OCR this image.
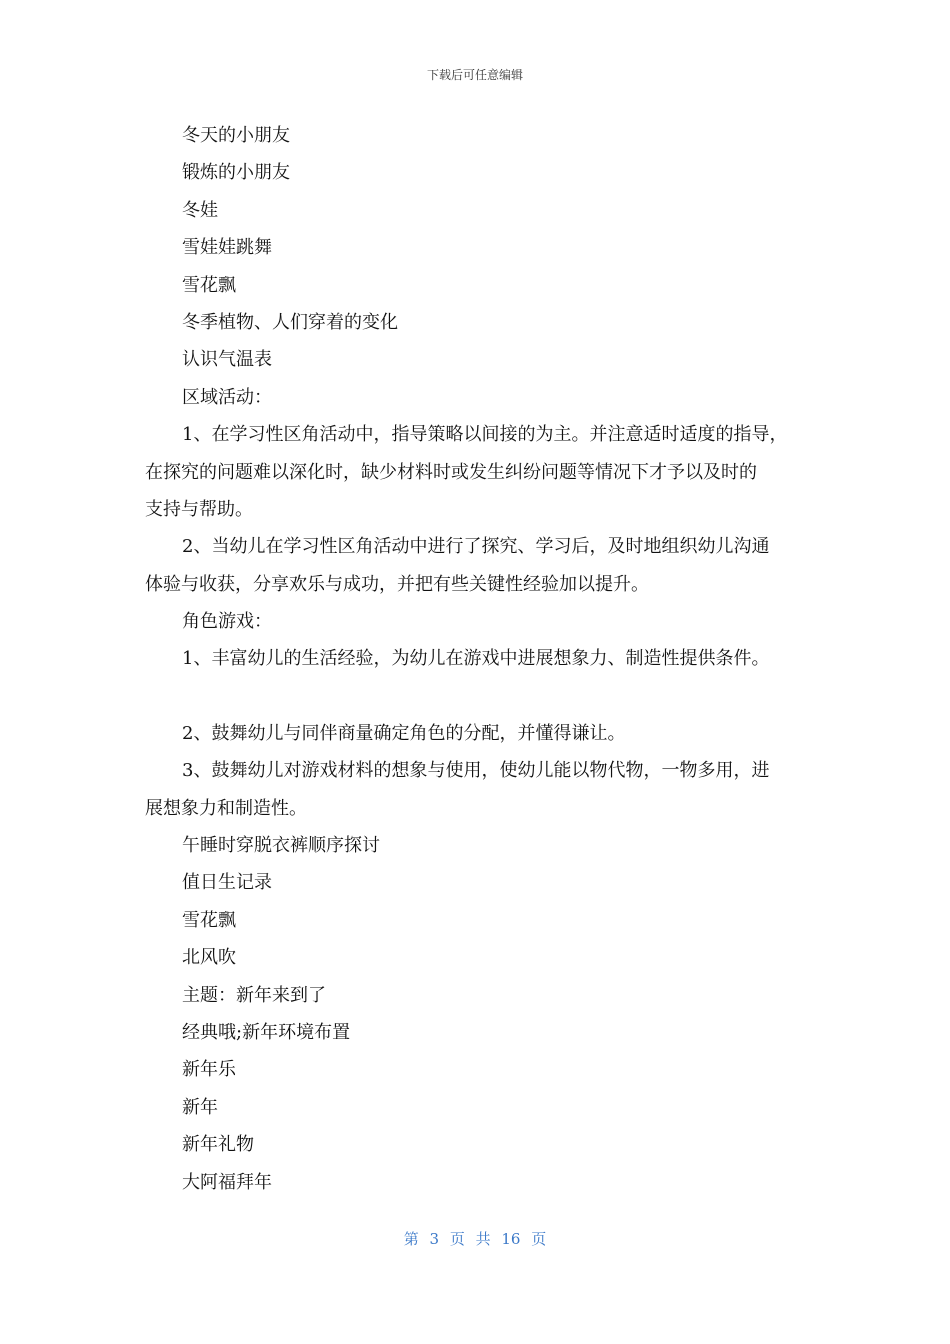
下载后可任意编辑
冬天的小朋友
锻炼的小朋友
冬娃
雪娃娃跳舞
雪花飘
冬季植物、人们穿着的变化
认识气温表
区域活动：
1、在学习性区角活动中，指导策略以间接的为主。并注意适时适度的指导，
在探究的问题难以深化时，缺少材料时或发生纠纷问题等情况下才予以及时的
支持与帮助。
2、当幼儿在学习性区角活动中进行了探究、学习后，及时地组织幼儿沟通
体验与收获，分享欢乐与成功，并把有些关键性经验加以提升。
角色游戏：
1、丰富幼儿的生活经验，为幼儿在游戏中进展想象力、制造性提供条件。
2、鼓舞幼儿与同伴商量确定角色的分配，并懂得谦让。
3、鼓舞幼儿对游戏材料的想象与使用，使幼儿能以物代物，一物多用，进
展想象力和制造性。
午睡时穿脱衣裤顺序探讨
值日生记录
雪花飘
北风吹
主题：新年来到了
经典哦;新年环境布置
新年乐
新年
新年礼物
大阿福拜年
第 3 页 共 16 页
